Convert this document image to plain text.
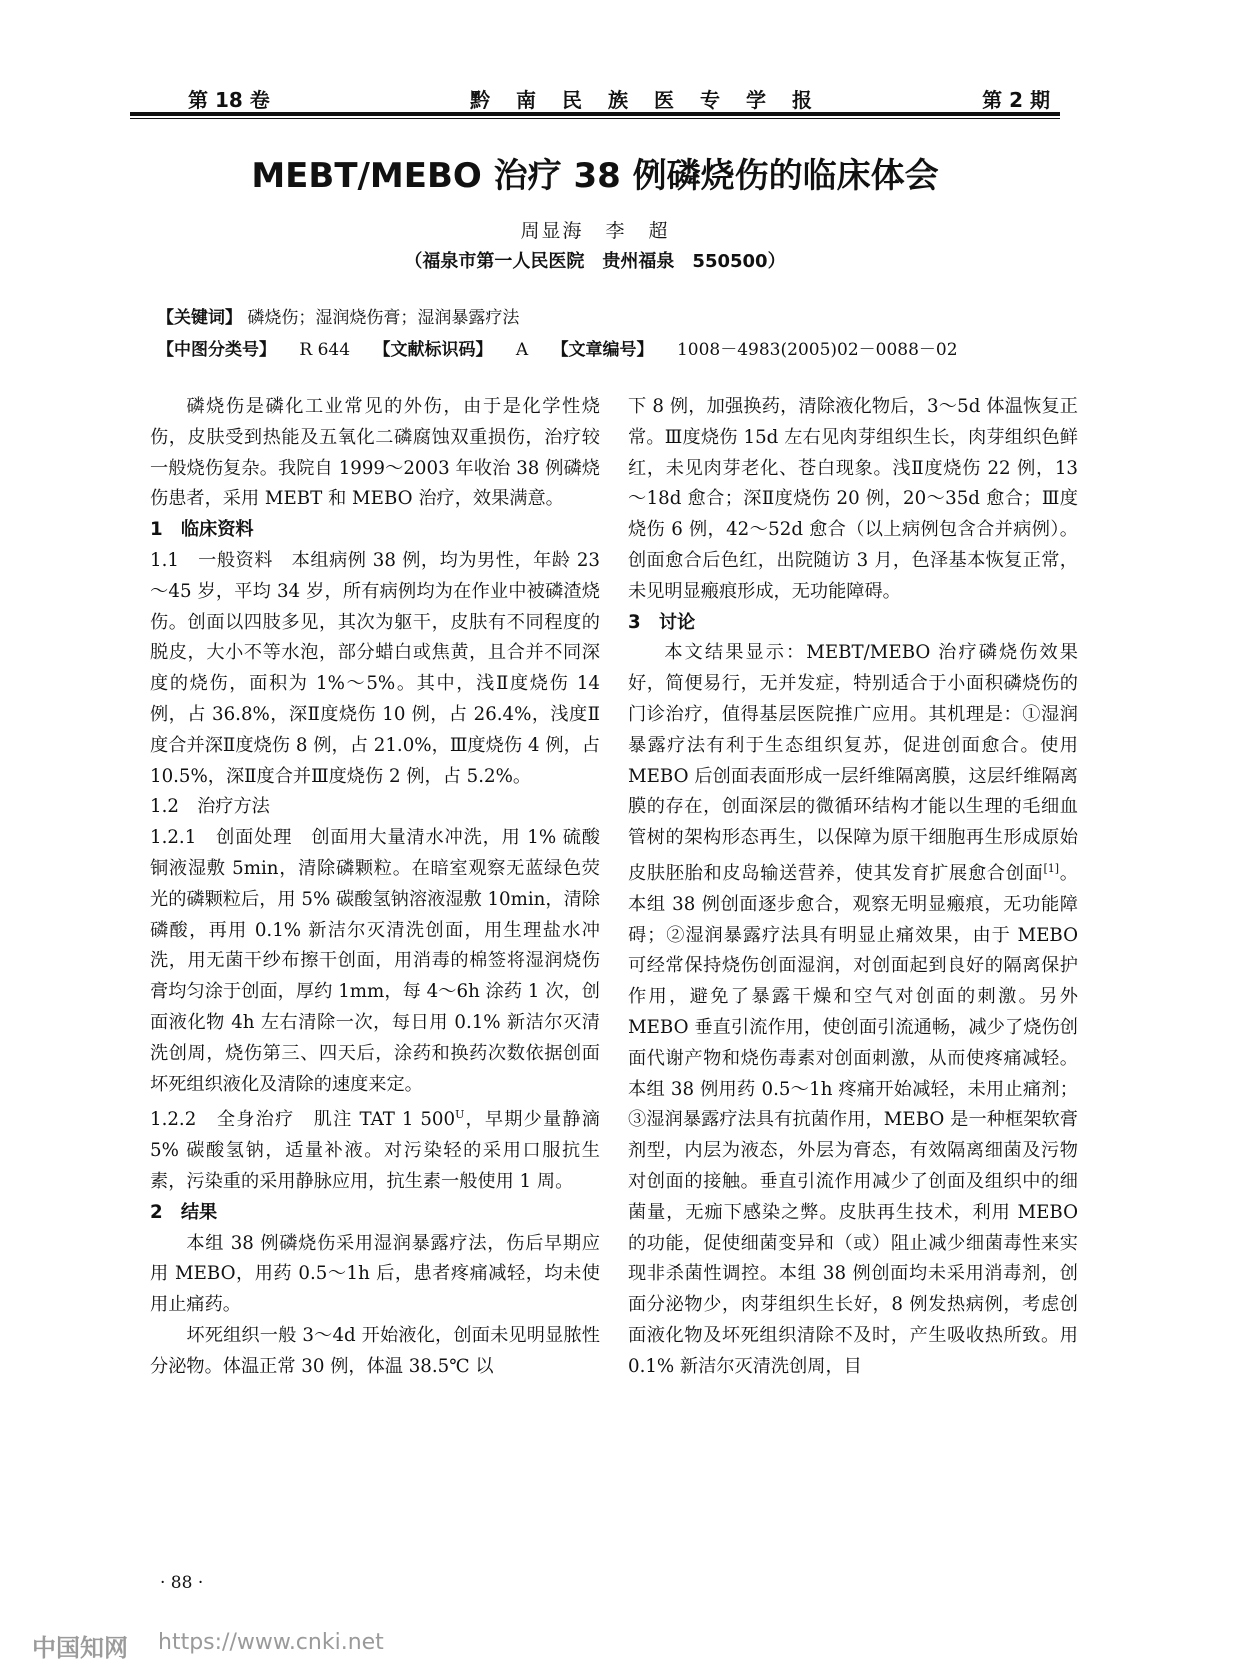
第 18 卷	黔南民族医专学报	第 2 期
MEBT/MEBO 治疗 38 例磷烧伤的临床体会
周显海 李 超
（福泉市第一人民医院　贵州福泉　550500）
【关键词】 磷烧伤；湿润烧伤膏；湿润暴露疗法
【中图分类号】 R 644 【文献标识码】 A 【文章编号】 1008－4983(2005)02－0088－02

磷烧伤是磷化工业常见的外伤，由于是化学性烧伤，皮肤受到热能及五氧化二磷腐蚀双重损伤，治疗较一般烧伤复杂。我院自 1999～2003 年收治 38 例磷烧伤患者，采用 MEBT 和 MEBO 治疗，效果满意。

1　临床资料

1.1　一般资料　本组病例 38 例，均为男性，年龄 23～45 岁，平均 34 岁，所有病例均为在作业中被磷渣烧伤。创面以四肢多见，其次为躯干，皮肤有不同程度的脱皮，大小不等水泡，部分蜡白或焦黄，且合并不同深度的烧伤，面积为 1%～5%。其中，浅Ⅱ度烧伤 14 例，占 36.8%，深Ⅱ度烧伤 10 例，占 26.4%，浅度Ⅱ度合并深Ⅱ度烧伤 8 例，占 21.0%，Ⅲ度烧伤 4 例，占 10.5%，深Ⅱ度合并Ⅲ度烧伤 2 例，占 5.2%。

1.2　治疗方法

1.2.1　创面处理　创面用大量清水冲洗，用 1% 硫酸铜液湿敷 5min，清除磷颗粒。在暗室观察无蓝绿色荧光的磷颗粒后，用 5% 碳酸氢钠溶液湿敷 10min，清除磷酸，再用 0.1% 新洁尔灭清洗创面，用生理盐水冲洗，用无菌干纱布擦干创面，用消毒的棉签将湿润烧伤膏均匀涂于创面，厚约 1mm，每 4～6h 涂药 1 次，创面液化物 4h 左右清除一次，每日用 0.1% 新洁尔灭清洗创周，烧伤第三、四天后，涂药和换药次数依据创面坏死组织液化及清除的速度来定。

1.2.2　全身治疗　肌注 TAT 1 $500^U$，早期少量静滴 5% 碳酸氢钠，适量补液。对污染轻的采用口服抗生素，污染重的采用静脉应用，抗生素一般使用 1 周。

2　结果

本组 38 例磷烧伤采用湿润暴露疗法，伤后早期应用 MEBO，用药 0.5～1h 后，患者疼痛减轻，均未使用止痛药。

坏死组织一般 3～4d 开始液化，创面未见明显脓性分泌物。体温正常 30 例，体温 38.5℃ 以

下 8 例，加强换药，清除液化物后，3～5d 体温恢复正常。Ⅲ度烧伤 15d 左右见肉芽组织生长，肉芽组织色鲜红，未见肉芽老化、苍白现象。浅Ⅱ度烧伤 22 例，13～18d 愈合；深Ⅱ度烧伤 20 例，20～35d 愈合；Ⅲ度烧伤 6 例，42～52d 愈合（以上病例包含合并病例）。创面愈合后色红，出院随访 3 月，色泽基本恢复正常，未见明显瘢痕形成，无功能障碍。

3　讨论

本文结果显示：MEBT/MEBO 治疗磷烧伤效果好，简便易行，无并发症，特别适合于小面积磷烧伤的门诊治疗，值得基层医院推广应用。其机理是：①湿润暴露疗法有利于生态组织复苏，促进创面愈合。使用 MEBO 后创面表面形成一层纤维隔离膜，这层纤维隔离膜的存在，创面深层的微循环结构才能以生理的毛细血管树的架构形态再生，以保障为原干细胞再生形成原始皮肤胚胎和皮岛输送营养，使其发育扩展愈合创面[1]。本组 38 例创面逐步愈合，观察无明显瘢痕，无功能障碍；②湿润暴露疗法具有明显止痛效果，由于 MEBO 可经常保持烧伤创面湿润，对创面起到良好的隔离保护作用，避免了暴露干燥和空气对创面的刺激。另外 MEBO 垂直引流作用，使创面引流通畅，减少了烧伤创面代谢产物和烧伤毒素对创面刺激，从而使疼痛减轻。本组 38 例用药 0.5～1h 疼痛开始减轻，未用止痛剂；③湿润暴露疗法具有抗菌作用，MEBO 是一种框架软膏剂型，内层为液态，外层为膏态，有效隔离细菌及污物对创面的接触。垂直引流作用减少了创面及组织中的细菌量，无痂下感染之弊。皮肤再生技术，利用 MEBO 的功能，促使细菌变异和（或）阻止减少细菌毒性来实现非杀菌性调控。本组 38 例创面均未采用消毒剂，创面分泌物少，肉芽组织生长好，8 例发热病例，考虑创面液化物及坏死组织清除不及时，产生吸收热所致。用 0.1% 新洁尔灭清洗创周，目

· 88 ·
中国知网 https://www.cnki.net
